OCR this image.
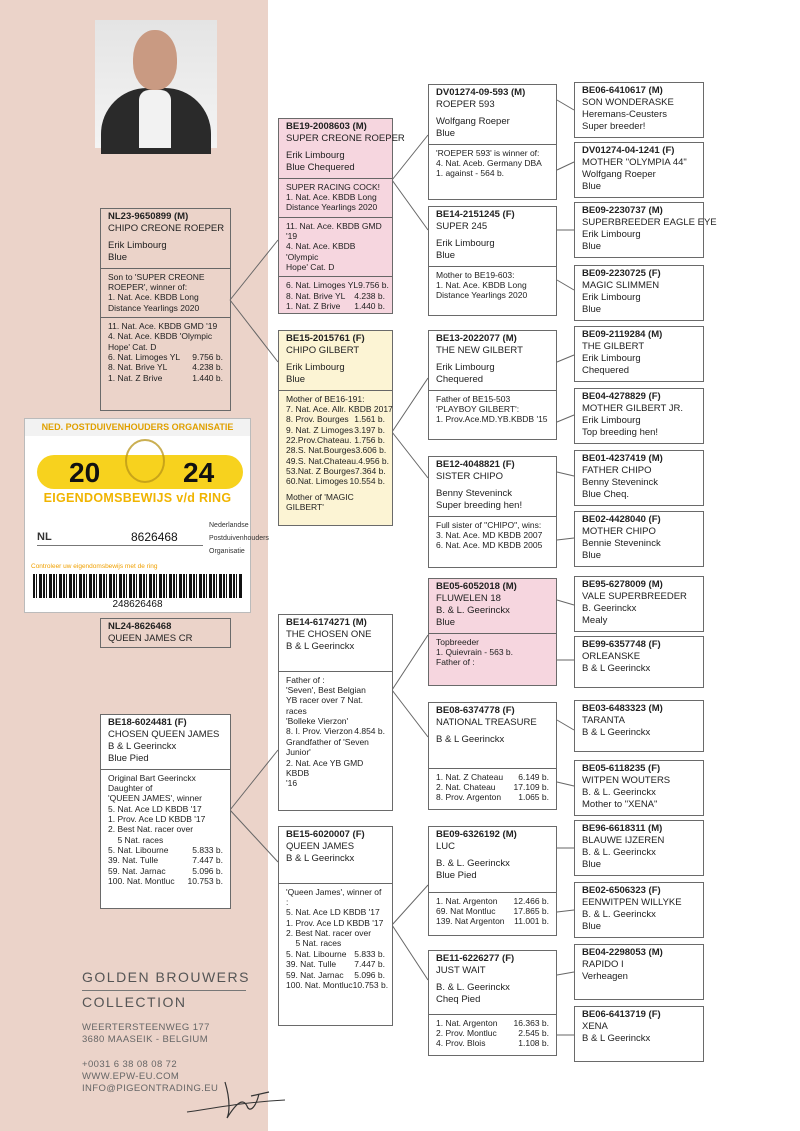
NL23-9650899 (M)
CHIPO CREONE ROEPER
Erik Limbourg
Blue
Son to 'SUPER CREONE
ROEPER', winner of:
1. Nat. Ace. KBDB Long
Distance Yearlings 2020
11. Nat. Ace. KBDB GMD '19
4. Nat. Ace. KBDB 'Olympic
Hope' Cat. D
6. Nat. Limoges YL 9.756 b.
8. Nat. Brive YL	4.238 b.
1. Nat. Z Brive	1.440 b.
NED. POSTDUIVENHOUDERS ORGANISATIE
20	24
EIGENDOMSBEWIJS v/d RING
NL	8626468
Nederlandse
Postduivenhouders
Organisatie
Controleer uw eigendomsbewijs met de ring
248626468
NL24-8626468
QUEEN JAMES CR
BE19-2008603 (M)
SUPER CREONE ROEPER
Erik Limbourg
Blue Chequered
SUPER RACING COCK!
1. Nat. Ace. KBDB Long
Distance Yearlings 2020
11. Nat. Ace. KBDB GMD '19
4. Nat. Ace. KBDB 'Olympic
Hope' Cat. D
6. Nat. Limoges YL 9.756 b.
8. Nat. Brive YL 4.238 b.
1. Nat. Z Brive 1.440 b.
BE15-2015761 (F)
CHIPO GILBERT
Erik Limbourg
Blue
Mother of BE16-191:
7. Nat. Ace. Allr. KBDB 2017
8. Prov. Bourges 1.561 b.
9. Nat. Z Limoges 3.197 b.
22.Prov.Chateau. 1.756 b.
28.S. Nat.Bourges 3.606 b.
49.S. Nat.Chateau. 4.956 b.
53.Nat. Z Bourges 7.364 b.
60.Nat. Limoges 10.554 b.
Mother of 'MAGIC GILBERT'
BE18-6024481 (F)
CHOSEN QUEEN JAMES
B & L Geerinckx
Blue Pied
Original Bart Geerinckx
Daughter of
'QUEEN JAMES', winner
5. Nat. Ace LD KBDB '17
1. Prov. Ace LD KBDB '17
2. Best Nat. racer over
5 Nat. races
5. Nat. Libourne	5.833 b.
39. Nat. Tulle	7.447 b.
59. Nat. Jarnac	5.096 b.
100. Nat. Montluc 10.753 b.
BE14-6174271 (M)
THE CHOSEN ONE
B & L Geerinckx
Father of :
'Seven', Best Belgian
YB racer over 7 Nat. races
'Bolleke Vierzon'
8. I. Prov. Vierzon 4.854 b.
Grandfather of 'Seven
Junior'
2. Nat. Ace YB GMD KBDB
'16
BE15-6020007 (F)
QUEEN JAMES
B & L Geerinckx
'Queen James', winner of :
5. Nat. Ace LD KBDB '17
1. Prov. Ace LD KBDB '17
2. Best Nat. racer over
5 Nat. races
5. Nat. Libourne 5.833 b.
39. Nat. Tulle 7.447 b.
59. Nat. Jarnac 5.096 b.
100. Nat. Montluc 10.753 b.
DV01274-09-593 (M)
ROEPER 593
Wolfgang Roeper
Blue
'ROEPER 593' is winner of:
4. Nat. Aceb. Germany DBA
1. against - 564 b.
BE14-2151245 (F)
SUPER 245
Erik Limbourg
Blue
Mother to BE19-603:
1. Nat. Ace. KBDB Long
Distance Yearlings 2020
BE13-2022077 (M)
THE NEW GILBERT
Erik Limbourg
Chequered
Father of BE15-503
'PLAYBOY GILBERT':
1. Prov.Ace.MD.YB.KBDB '15
BE12-4048821 (F)
SISTER CHIPO
Benny Steveninck
Super breeding hen!
Full sister of "CHIPO", wins:
3. Nat. Ace. MD KBDB 2007
6. Nat. Ace. MD KBDB 2005
BE05-6052018 (M)
FLUWELEN 18
B. & L. Geerinckx
Blue
Topbreeder
1. Quievrain - 563 b.
Father of :
BE08-6374778 (F)
NATIONAL TREASURE
B & L Geerinckx
1. Nat. Z Chateau 6.149 b.
2. Nat. Chateau 17.109 b.
8. Prov. Argenton 1.065 b.
BE09-6326192 (M)
LUC
B. & L. Geerinckx
Blue Pied
1. Nat. Argenton 12.466 b.
69. Nat Montluc 17.865 b.
139. Nat Argenton 11.001 b.
BE11-6226277 (F)
JUST WAIT
B. & L. Geerinckx
Cheq Pied
1. Nat. Argenton 16.363 b.
2. Prov. Montluc	2.545 b.
4. Prov. Blois	1.108 b.
BE06-6410617 (M)
SON WONDERASKE
Heremans-Ceusters
Super breeder!
DV01274-04-1241 (F)
MOTHER "OLYMPIA 44"
Wolfgang Roeper
Blue
BE09-2230737 (M)
SUPERBREEDER EAGLE EYE
Erik Limbourg
Blue
BE09-2230725 (F)
MAGIC SLIMMEN
Erik Limbourg
Blue
BE09-2119284 (M)
THE GILBERT
Erik Limbourg
Chequered
BE04-4278829 (F)
MOTHER GILBERT JR.
Erik Limbourg
Top breeding hen!
BE01-4237419 (M)
FATHER CHIPO
Benny Steveninck
Blue Cheq.
BE02-4428040 (F)
MOTHER CHIPO
Bennie Steveninck
Blue
BE95-6278009 (M)
VALE SUPERBREEDER
B. Geerinckx
Mealy
BE99-6357748 (F)
ORLEANSKE
B & L Geerinckx
BE03-6483323 (M)
TARANTA
B & L Geerinckx
BE05-6118235 (F)
WITPEN WOUTERS
B. & L. Geerinckx
Mother to "XENA"
BE96-6618311 (M)
BLAUWE IJZEREN
B. & L. Geerinckx
Blue
BE02-6506323 (F)
EENWITPEN WILLYKE
B. & L. Geerinckx
Blue
BE04-2298053 (M)
RAPIDO I
Verheagen
BE06-6413719 (F)
XENA
B & L Geerinckx
GOLDEN BROUWERS
COLLECTION
WEERTERSTEENWEG 177
3680 MAASEIK - BELGIUM
+0031 6 38 08 08 72
WWW.EPW-EU.COM
INFO@PIGEONTRADING.EU
